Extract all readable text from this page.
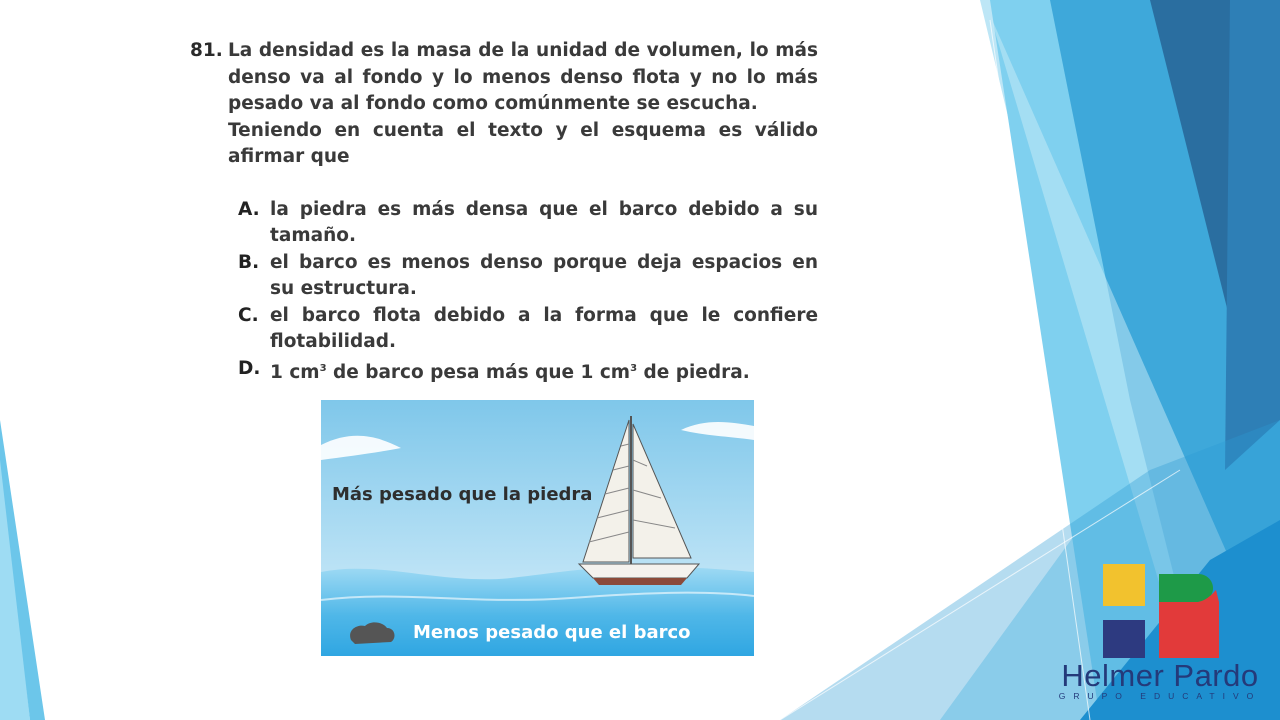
81. La densidad es la masa de la unidad de volumen, lo más denso va al fondo y lo menos denso flota y no lo más pesado va al fondo como comúnmente se escucha.

Teniendo en cuenta el texto y el esquema es válido afirmar que

A. la piedra es más densa que el barco debido a su tamaño.
B. el barco es menos denso porque deja espacios en su estructura.
C. el barco flota debido a la forma que le confiere flotabilidad.
D. 1 $cm^3$ de barco pesa más que 1 $cm^3$ de piedra.
Más pesado que la piedra
Menos pesado que el barco
Helmer Pardo
GRUPO EDUCATIVO
